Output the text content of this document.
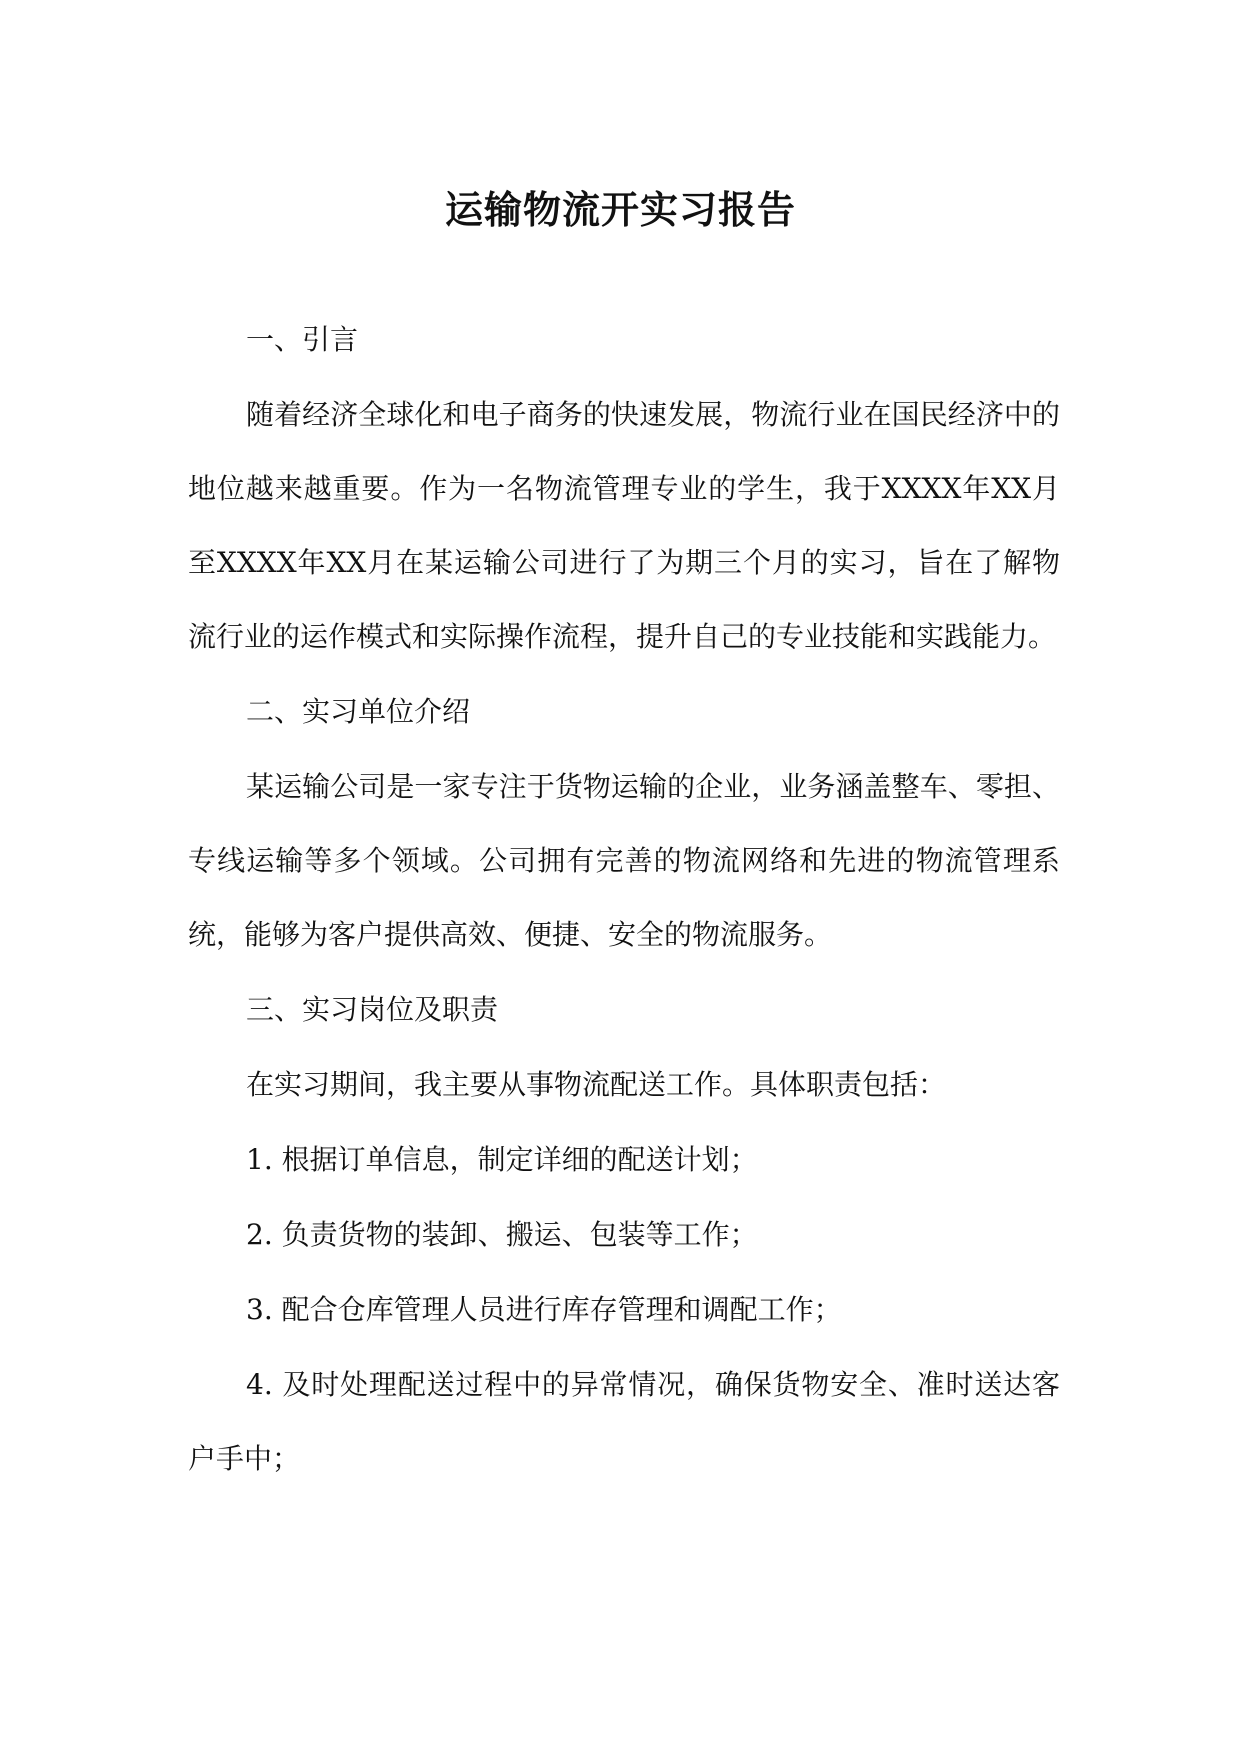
运输物流开实习报告

一、引言

随着经济全球化和电子商务的快速发展，物流行业在国民经济中的地位越来越重要。作为一名物流管理专业的学生，我于XXXX年XX月至XXXX年XX月在某运输公司进行了为期三个月的实习，旨在了解物流行业的运作模式和实际操作流程，提升自己的专业技能和实践能力。

二、实习单位介绍

某运输公司是一家专注于货物运输的企业，业务涵盖整车、零担、专线运输等多个领域。公司拥有完善的物流网络和先进的物流管理系统，能够为客户提供高效、便捷、安全的物流服务。

三、实习岗位及职责

在实习期间，我主要从事物流配送工作。具体职责包括：

1. 根据订单信息，制定详细的配送计划；

2. 负责货物的装卸、搬运、包装等工作；

3. 配合仓库管理人员进行库存管理和调配工作；

4. 及时处理配送过程中的异常情况，确保货物安全、准时送达客户手中；
